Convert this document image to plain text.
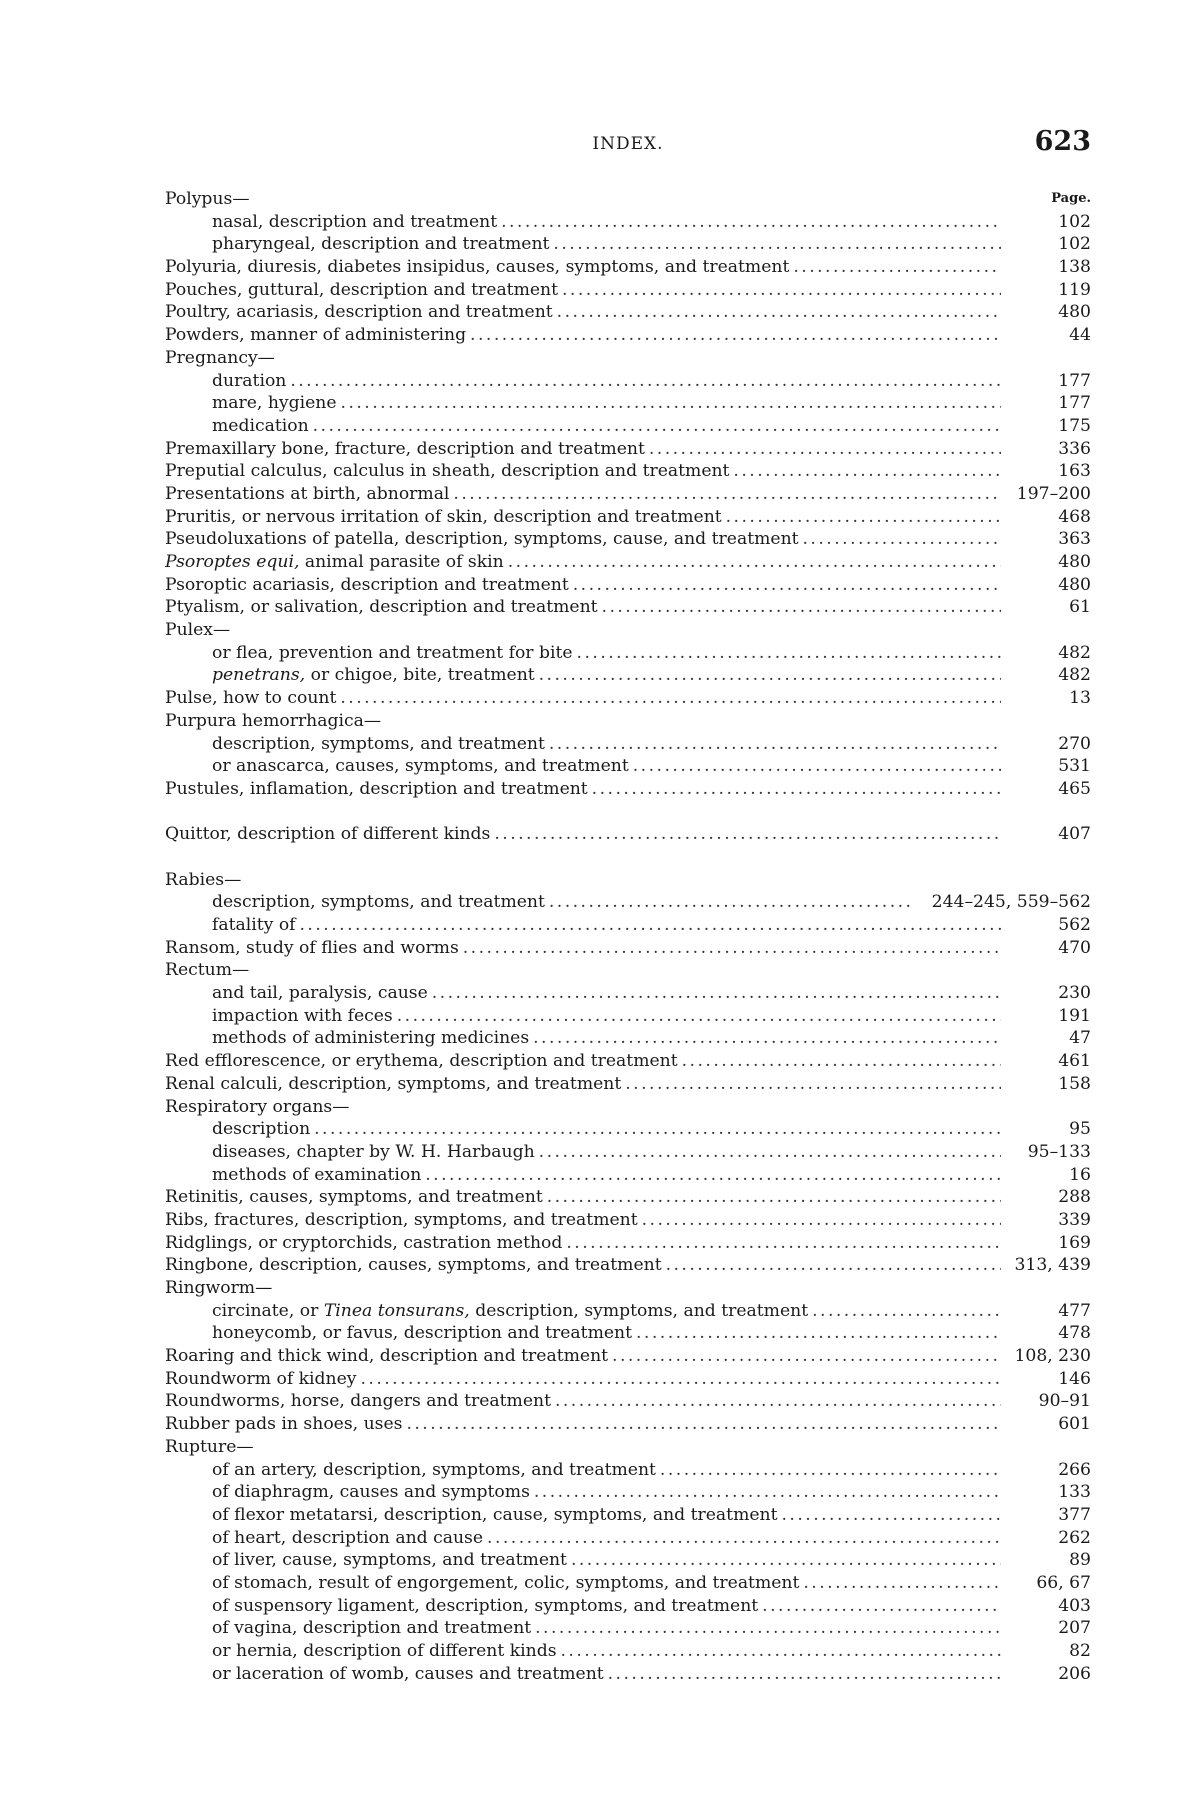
INDEX.	623
Polypus—	Page.
nasal, description and treatment . . .	102
pharyngeal, description and treatment . . .	102
Polyuria, diuresis, diabetes insipidus, causes, symptoms, and treatment . . .	138
Pouches, guttural, description and treatment . . .	119
Poultry, acariasis, description and treatment . . .	480
Powders, manner of administering . . .	44
Pregnancy—
duration . . .	177
mare, hygiene . . .	177
medication . . .	175
Premaxillary bone, fracture, description and treatment . . .	336
Preputial calculus, calculus in sheath, description and treatment . . .	163
Presentations at birth, abnormal . . .	197–200
Pruritis, or nervous irritation of skin, description and treatment . . .	468
Pseudoluxations of patella, description, symptoms, cause, and treatment . . .	363
Psoroptes equi, animal parasite of skin . . .	480
Psoroptic acariasis, description and treatment . . .	480
Ptyalism, or salivation, description and treatment . . .	61
Pulex—
or flea, prevention and treatment for bite . . .	482
penetrans, or chigoe, bite, treatment . . .	482
Pulse, how to count . . .	13
Purpura hemorrhagica—
description, symptoms, and treatment . . .	270
or anascarca, causes, symptoms, and treatment . . .	531
Pustules, inflamation, description and treatment . . .	465
Quittor, description of different kinds . . .	407
Rabies—
description, symptoms, and treatment . . .	244–245, 559–562
fatality of . . .	562
Ransom, study of flies and worms . . .	470
Rectum—
and tail, paralysis, cause . . .	230
impaction with feces . . .	191
methods of administering medicines . . .	47
Red efflorescence, or erythema, description and treatment . . .	461
Renal calculi, description, symptoms, and treatment . . .	158
Respiratory organs—
description . . .	95
diseases, chapter by W. H. Harbaugh . . .	95–133
methods of examination . . .	16
Retinitis, causes, symptoms, and treatment . . .	288
Ribs, fractures, description, symptoms, and treatment . . .	339
Ridglings, or cryptorchids, castration method . . .	169
Ringbone, description, causes, symptoms, and treatment . . .	313, 439
Ringworm—
circinate, or Tinea tonsurans, description, symptoms, and treatment . . .	477
honeycomb, or favus, description and treatment . . .	478
Roaring and thick wind, description and treatment . . .	108, 230
Roundworm of kidney . . .	146
Roundworms, horse, dangers and treatment . . .	90–91
Rubber pads in shoes, uses . . .	601
Rupture—
of an artery, description, symptoms, and treatment . . .	266
of diaphragm, causes and symptoms . . .	133
of flexor metatarsi, description, cause, symptoms, and treatment . . .	377
of heart, description and cause . . .	262
of liver, cause, symptoms, and treatment . . .	89
of stomach, result of engorgement, colic, symptoms, and treatment . . .	66, 67
of suspensory ligament, description, symptoms, and treatment . . .	403
of vagina, description and treatment . . .	207
or hernia, description of different kinds . . .	82
or laceration of womb, causes and treatment . . .	206
